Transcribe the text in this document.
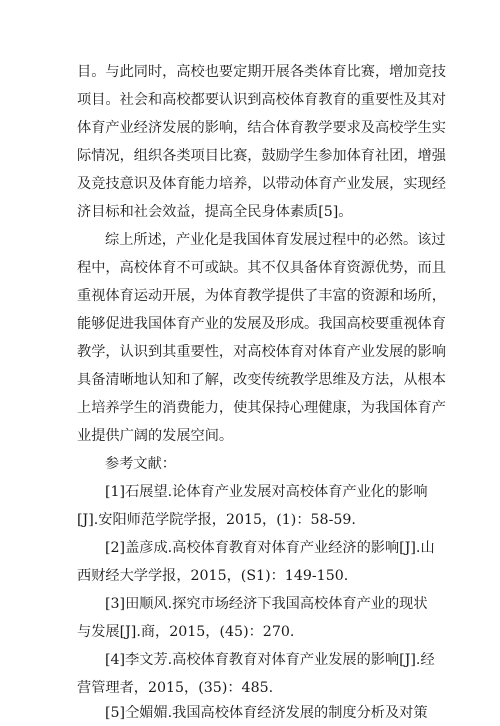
目。与此同时，高校也要定期开展各类体育比赛，增加竞技
项目。社会和高校都要认识到高校体育教育的重要性及其对
体育产业经济发展的影响，结合体育教学要求及高校学生实
际情况，组织各类项目比赛，鼓励学生参加体育社团，增强
及竞技意识及体育能力培养，以带动体育产业发展，实现经
济目标和社会效益，提高全民身体素质[5]。
综上所述，产业化是我国体育发展过程中的必然。该过
程中，高校体育不可或缺。其不仅具备体育资源优势，而且
重视体育运动开展，为体育教学提供了丰富的资源和场所，
能够促进我国体育产业的发展及形成。我国高校要重视体育
教学，认识到其重要性，对高校体育对体育产业发展的影响
具备清晰地认知和了解，改变传统教学思维及方法，从根本
上培养学生的消费能力，使其保持心理健康，为我国体育产
业提供广阔的发展空间。
参考文献：
[1]石展望.论体育产业发展对高校体育产业化的影响
[J].安阳师范学院学报，2015，(1)：58-59.
[2]盖彦成.高校体育教育对体育产业经济的影响[J].山
西财经大学学报，2015，(S1)：149-150.
[3]田顺风.探究市场经济下我国高校体育产业的现状
与发展[J].商，2015，(45)：270.
[4]李文芳.高校体育教育对体育产业发展的影响[J].经
营管理者，2015，(35)：485.
[5]仝媚媚.我国高校体育经济发展的制度分析及对策
